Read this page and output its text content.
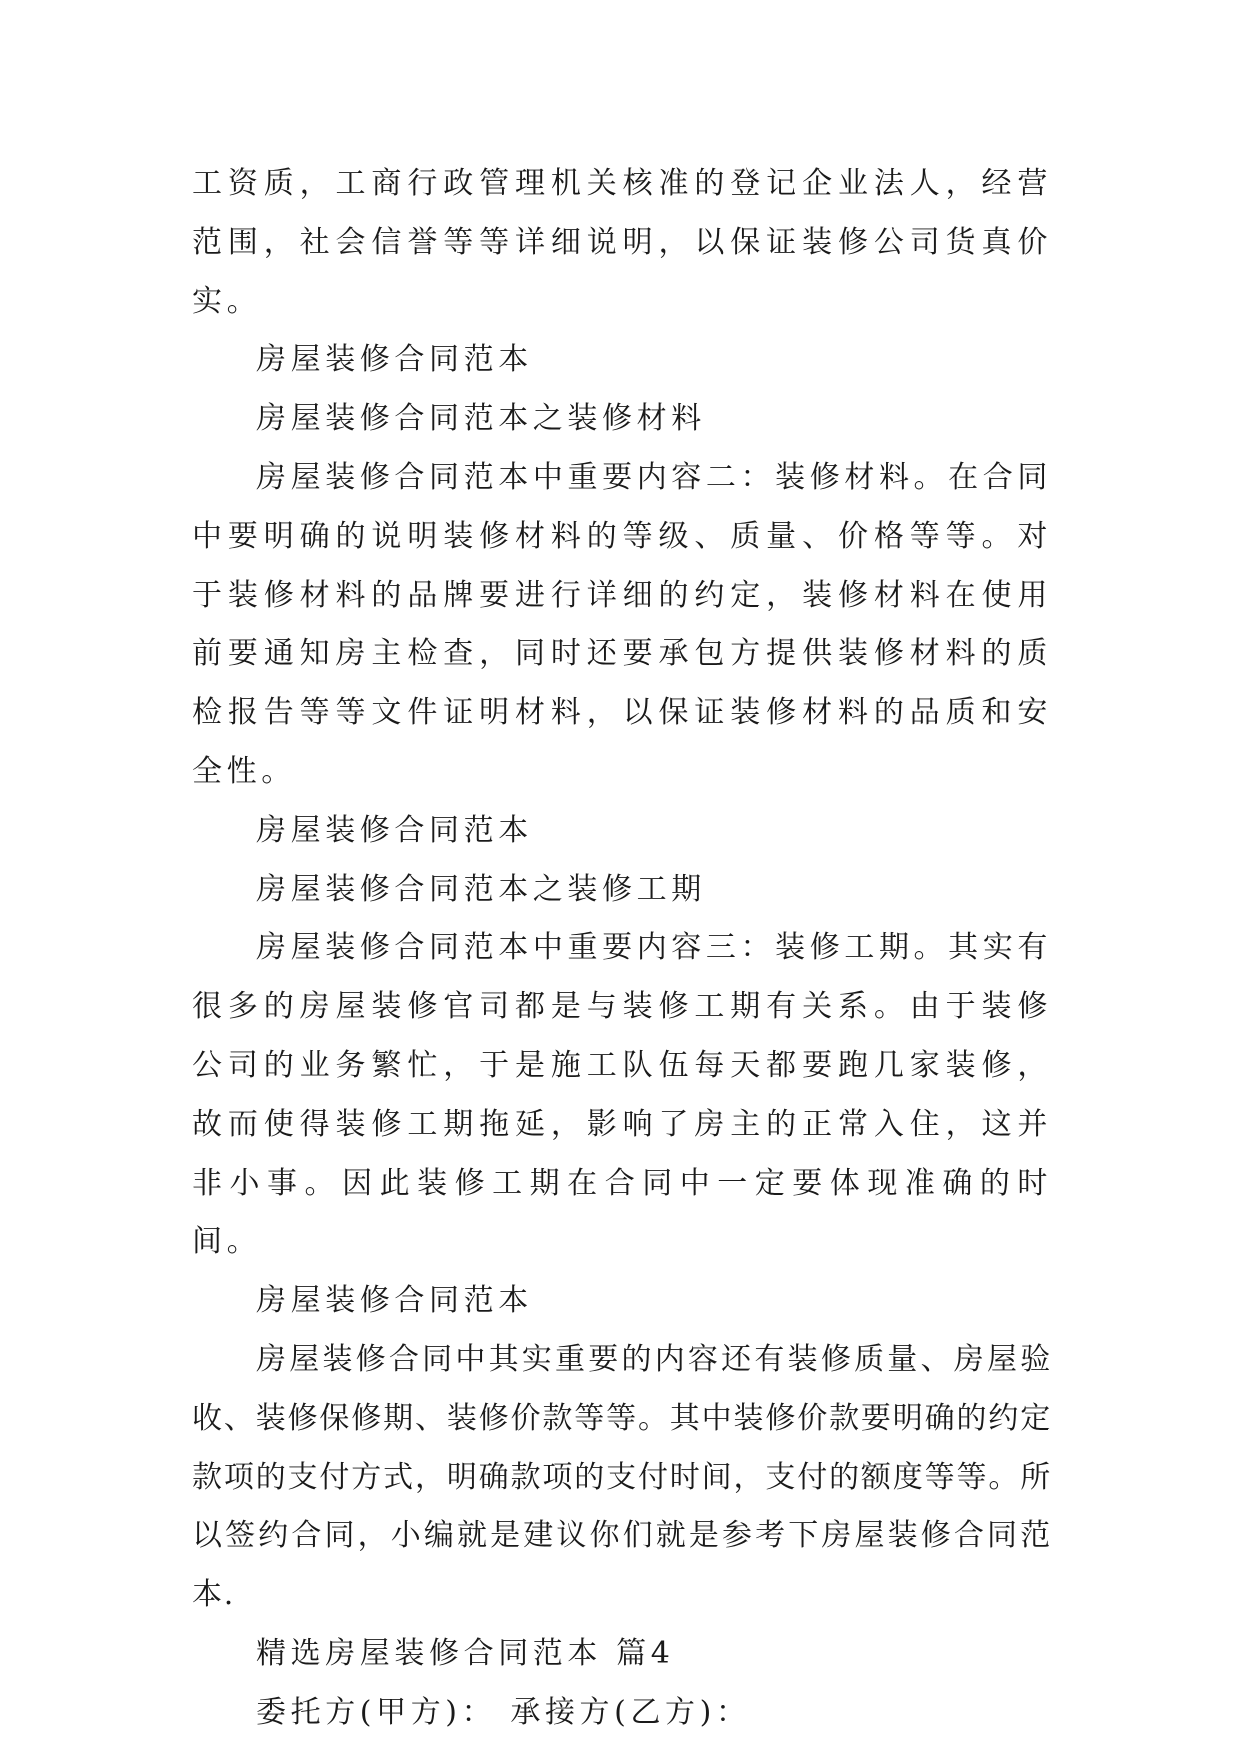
工资质，工商行政管理机关核准的登记企业法人，经营范围，社会信誉等等详细说明，以保证装修公司货真价实。

房屋装修合同范本

房屋装修合同范本之装修材料

房屋装修合同范本中重要内容二：装修材料。在合同中要明确的说明装修材料的等级、质量、价格等等。对于装修材料的品牌要进行详细的约定，装修材料在使用前要通知房主检查，同时还要承包方提供装修材料的质检报告等等文件证明材料，以保证装修材料的品质和安全性。

房屋装修合同范本

房屋装修合同范本之装修工期

房屋装修合同范本中重要内容三：装修工期。其实有很多的房屋装修官司都是与装修工期有关系。由于装修公司的业务繁忙，于是施工队伍每天都要跑几家装修，故而使得装修工期拖延，影响了房主的正常入住，这并非小事。因此装修工期在合同中一定要体现准确的时间。

房屋装修合同范本

房屋装修合同中其实重要的内容还有装修质量、房屋验收、装修保修期、装修价款等等。其中装修价款要明确的约定款项的支付方式，明确款项的支付时间，支付的额度等等。所以签约合同，小编就是建议你们就是参考下房屋装修合同范本.

精选房屋装修合同范本 篇4

委托方(甲方)： 承接方(乙方)：
